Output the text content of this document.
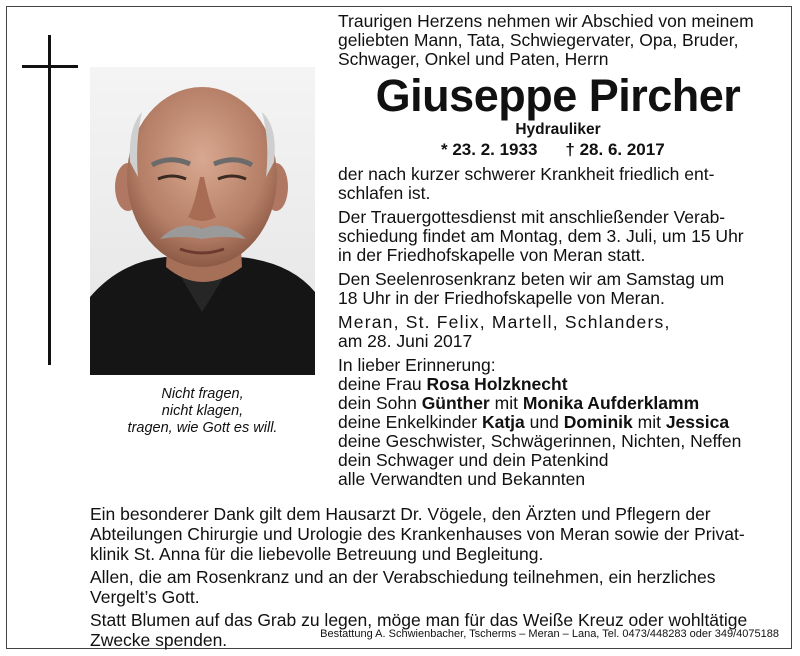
Nicht fragen,
nicht klagen,
tragen, wie Gott es will.
Traurigen Herzens nehmen wir Abschied von meinem
geliebten Mann, Tata, Schwiegervater, Opa, Bruder,
Schwager, Onkel und Paten, Herrn
Giuseppe Pircher
Hydrauliker
* 23. 2. 1933 † 28. 6. 2017
der nach kurzer schwerer Krankheit friedlich ent-
schlafen ist.
Der Trauergottesdienst mit anschließender Verab-
schiedung findet am Montag, dem 3. Juli, um 15 Uhr
in der Friedhofskapelle von Meran statt.
Den Seelenrosenkranz beten wir am Samstag um
18 Uhr in der Friedhofskapelle von Meran.
Meran, St. Felix, Martell, Schlanders,
am 28. Juni 2017
In lieber Erinnerung:
deine Frau Rosa Holzknecht
dein Sohn Günther mit Monika Aufderklamm
deine Enkelkinder Katja und Dominik mit Jessica
deine Geschwister, Schwägerinnen, Nichten, Neffen
dein Schwager und dein Patenkind
alle Verwandten und Bekannten
Ein besonderer Dank gilt dem Hausarzt Dr. Vögele, den Ärzten und Pflegern der
Abteilungen Chirurgie und Urologie des Krankenhauses von Meran sowie der Privat-
klinik St. Anna für die liebevolle Betreuung und Begleitung.
Allen, die am Rosenkranz und an der Verabschiedung teilnehmen, ein herzliches
Vergelt’s Gott.
Statt Blumen auf das Grab zu legen, möge man für das Weiße Kreuz oder wohltätige
Zwecke spenden.	Bestattung A. Schwienbacher, Tscherms – Meran – Lana, Tel. 0473/448283 oder 349/4075188
